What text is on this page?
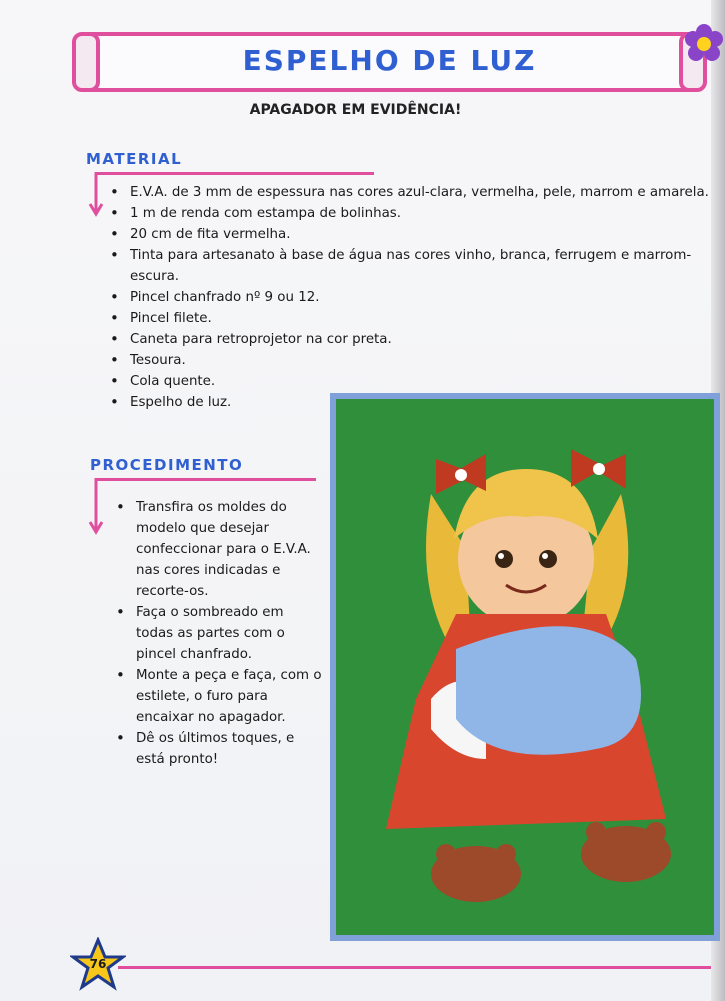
ESPELHO DE LUZ
APAGADOR EM EVIDÊNCIA!
MATERIAL
• E.V.A. de 3 mm de espessura nas cores azul-clara, vermelha, pele, marrom e amarela.
• 1 m de renda com estampa de bolinhas.
• 20 cm de fita vermelha.
• Tinta para artesanato à base de água nas cores vinho, branca, ferrugem e marrom-escura.
• Pincel chanfrado nº 9 ou 12.
• Pincel filete.
• Caneta para retroprojetor na cor preta.
• Tesoura.
• Cola quente.
• Espelho de luz.
PROCEDIMENTO
• Transfira os moldes do modelo que desejar confeccionar para o E.V.A. nas cores indicadas e recorte-os.
• Faça o sombreado em todas as partes com o pincel chanfrado.
• Monte a peça e faça, com o estilete, o furo para encaixar no apagador.
• Dê os últimos toques, e está pronto!
76
